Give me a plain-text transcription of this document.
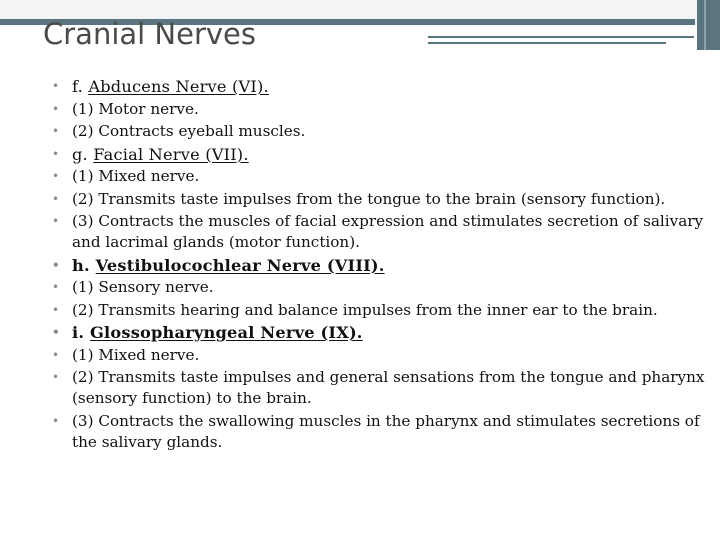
Cranial Nerves
• f. Abducens Nerve (VI).
• (1) Motor nerve.
• (2) Contracts eyeball muscles.
• g. Facial Nerve (VII).
• (1) Mixed nerve.
• (2) Transmits taste impulses from the tongue to the brain (sensory function).
• (3) Contracts the muscles of facial expression and stimulates secretion of salivary and lacrimal glands (motor function).
• h. Vestibulocochlear Nerve (VIII).
• (1) Sensory nerve.
• (2) Transmits hearing and balance impulses from the inner ear to the brain.
• i. Glossopharyngeal Nerve (IX).
• (1) Mixed nerve.
• (2) Transmits taste impulses and general sensations from the tongue and pharynx (sensory function) to the brain.
• (3) Contracts the swallowing muscles in the pharynx and stimulates secretions of the salivary glands.
